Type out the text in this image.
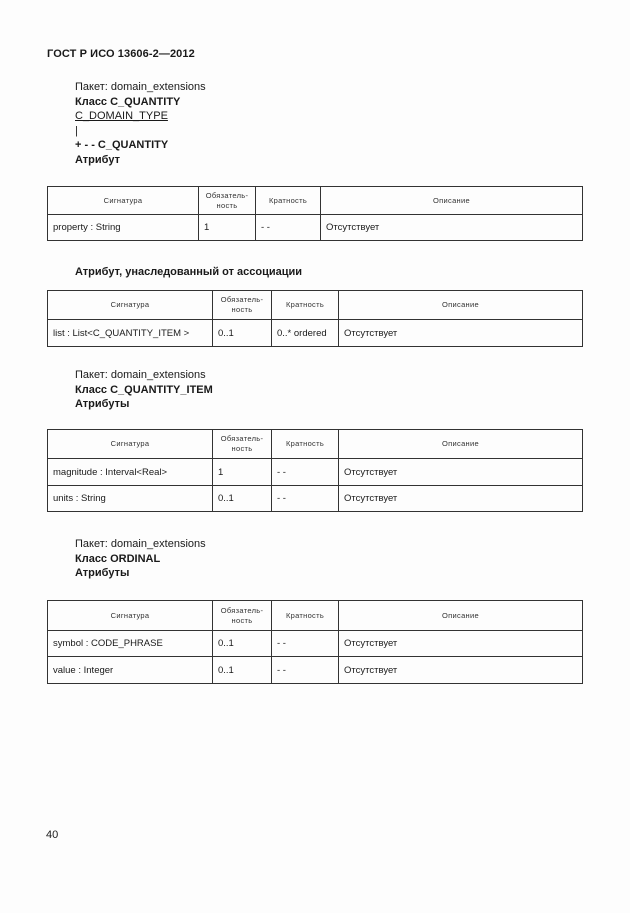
ГОСТ Р ИСО 13606-2—2012
Пакет: domain_extensions
Класс C_QUANTITY
C_DOMAIN_TYPE
|
+ - - C_QUANTITY
Атрибут
Сигнатура	Обязатель-
ность	Кратность	Описание
property : String	1	- -	Отсутствует
Атрибут, унаследованный от ассоциации
Сигнатура	Обязатель-
ность	Кратность	Описание
list : List<C_QUANTITY_ITEM >	0..1	0..* ordered	Отсутствует
Пакет: domain_extensions
Класс C_QUANTITY_ITEM
Атрибуты
Сигнатура	Обязатель-
ность	Кратность	Описание
magnitude : Interval<Real>	1	- -	Отсутствует
units : String	0..1	- -	Отсутствует
Пакет: domain_extensions
Класс ORDINAL
Атрибуты
Сигнатура	Обязатель-
ность	Кратность	Описание
symbol : CODE_PHRASE	0..1	- -	Отсутствует
value : Integer	0..1	- -	Отсутствует
40
